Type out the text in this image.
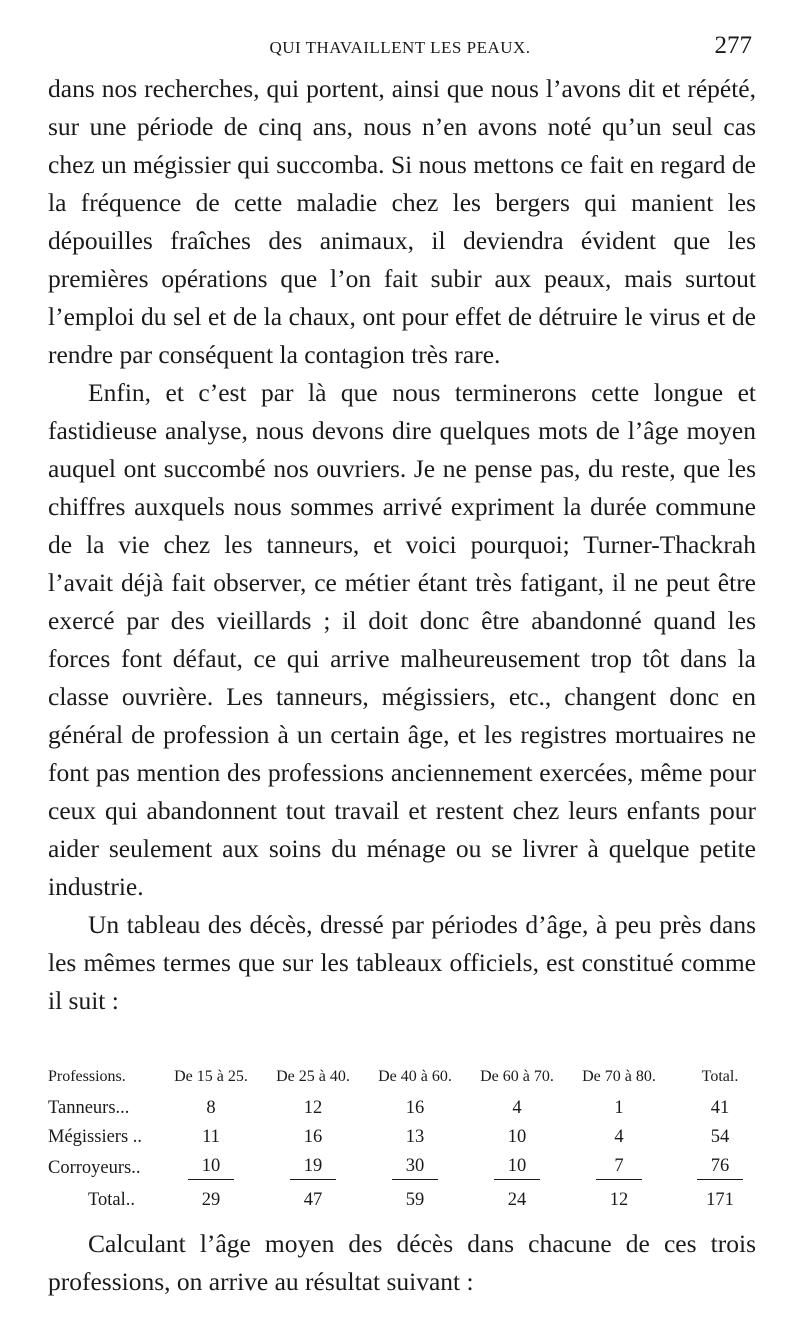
QUI THAVAILLENT LES PEAUX.	277

dans nos recherches, qui portent, ainsi que nous l’avons dit et répété, sur une période de cinq ans, nous n’en avons noté qu’un seul cas chez un mégissier qui succomba. Si nous mettons ce fait en regard de la fréquence de cette maladie chez les bergers qui manient les dépouilles fraîches des animaux, il deviendra évident que les premières opérations que l’on fait subir aux peaux, mais surtout l’emploi du sel et de la chaux, ont pour effet de détruire le virus et de rendre par conséquent la contagion très rare.

Enfin, et c’est par là que nous terminerons cette longue et fastidieuse analyse, nous devons dire quelques mots de l’âge moyen auquel ont succombé nos ouvriers. Je ne pense pas, du reste, que les chiffres auxquels nous sommes arrivé expriment la durée commune de la vie chez les tanneurs, et voici pourquoi; Turner-Thackrah l’avait déjà fait observer, ce métier étant très fatigant, il ne peut être exercé par des vieillards ; il doit donc être abandonné quand les forces font défaut, ce qui arrive malheureusement trop tôt dans la classe ouvrière. Les tanneurs, mégissiers, etc., changent donc en général de profession à un certain âge, et les registres mortuaires ne font pas mention des professions anciennement exercées, même pour ceux qui abandonnent tout travail et restent chez leurs enfants pour aider seulement aux soins du ménage ou se livrer à quelque petite industrie.

Un tableau des décès, dressé par périodes d’âge, à peu près dans les mêmes termes que sur les tableaux officiels, est constitué comme il suit :

Professions.	De 15 à 25.	De 25 à 40.	De 40 à 60.	De 60 à 70.	De 70 à 80.	Total.
Tanneurs...	8	12	16	4	1	41
Mégissiers ..	11	16	13	10	4	54
Corroyeurs..	10	19	30	10	7	76
Total..	29	47	59	24	12	171

Calculant l’âge moyen des décès dans chacune de ces trois professions, on arrive au résultat suivant :
